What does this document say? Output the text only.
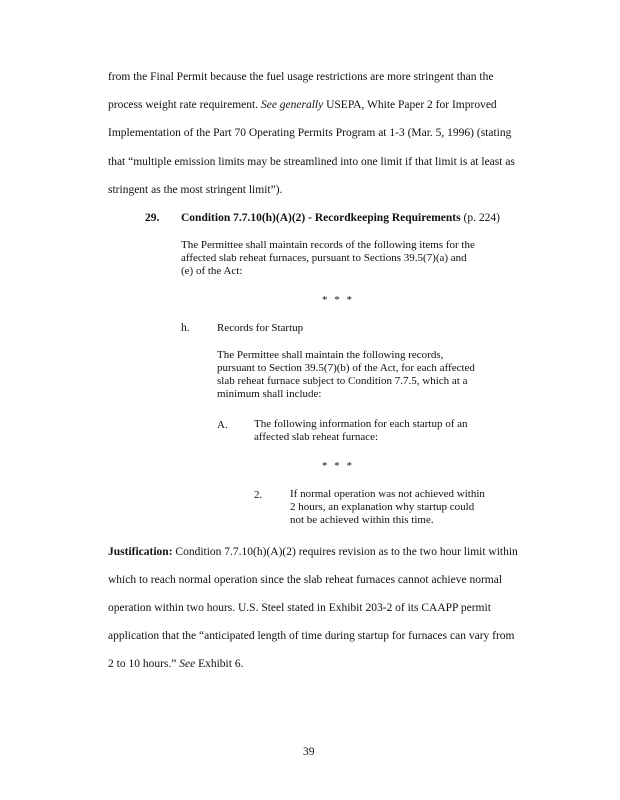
from the Final Permit because the fuel usage restrictions are more stringent than the
process weight rate requirement. See generally USEPA, White Paper 2 for Improved
Implementation of the Part 70 Operating Permits Program at 1-3 (Mar. 5, 1996) (stating
that “multiple emission limits may be streamlined into one limit if that limit is at least as
stringent as the most stringent limit”).
29. Condition 7.7.10(h)(A)(2) - Recordkeeping Requirements (p. 224)

The Permittee shall maintain records of the following items for the

affected slab reheat furnaces, pursuant to Sections 39.5(7)(a) and

(e) of the Act:

* * *
h. Records for Startup

The Permittee shall maintain the following records,

pursuant to Section 39.5(7)(b) of the Act, for each affected

slab reheat furnace subject to Condition 7.7.5, which at a

minimum shall include:

A. The following information for each startup of an

affected slab reheat furnace:

* * *
2.	If normal operation was not achieved within

2 hours, an explanation why startup could

not be achieved within this time.

Justification: Condition 7.7.10(h)(A)(2) requires revision as to the two hour limit within
which to reach normal operation since the slab reheat furnaces cannot achieve normal
operation within two hours. U.S. Steel stated in Exhibit 203-2 of its CAAPP permit
application that the “anticipated length of time during startup for furnaces can vary from
2 to 10 hours.” See Exhibit 6.
39
